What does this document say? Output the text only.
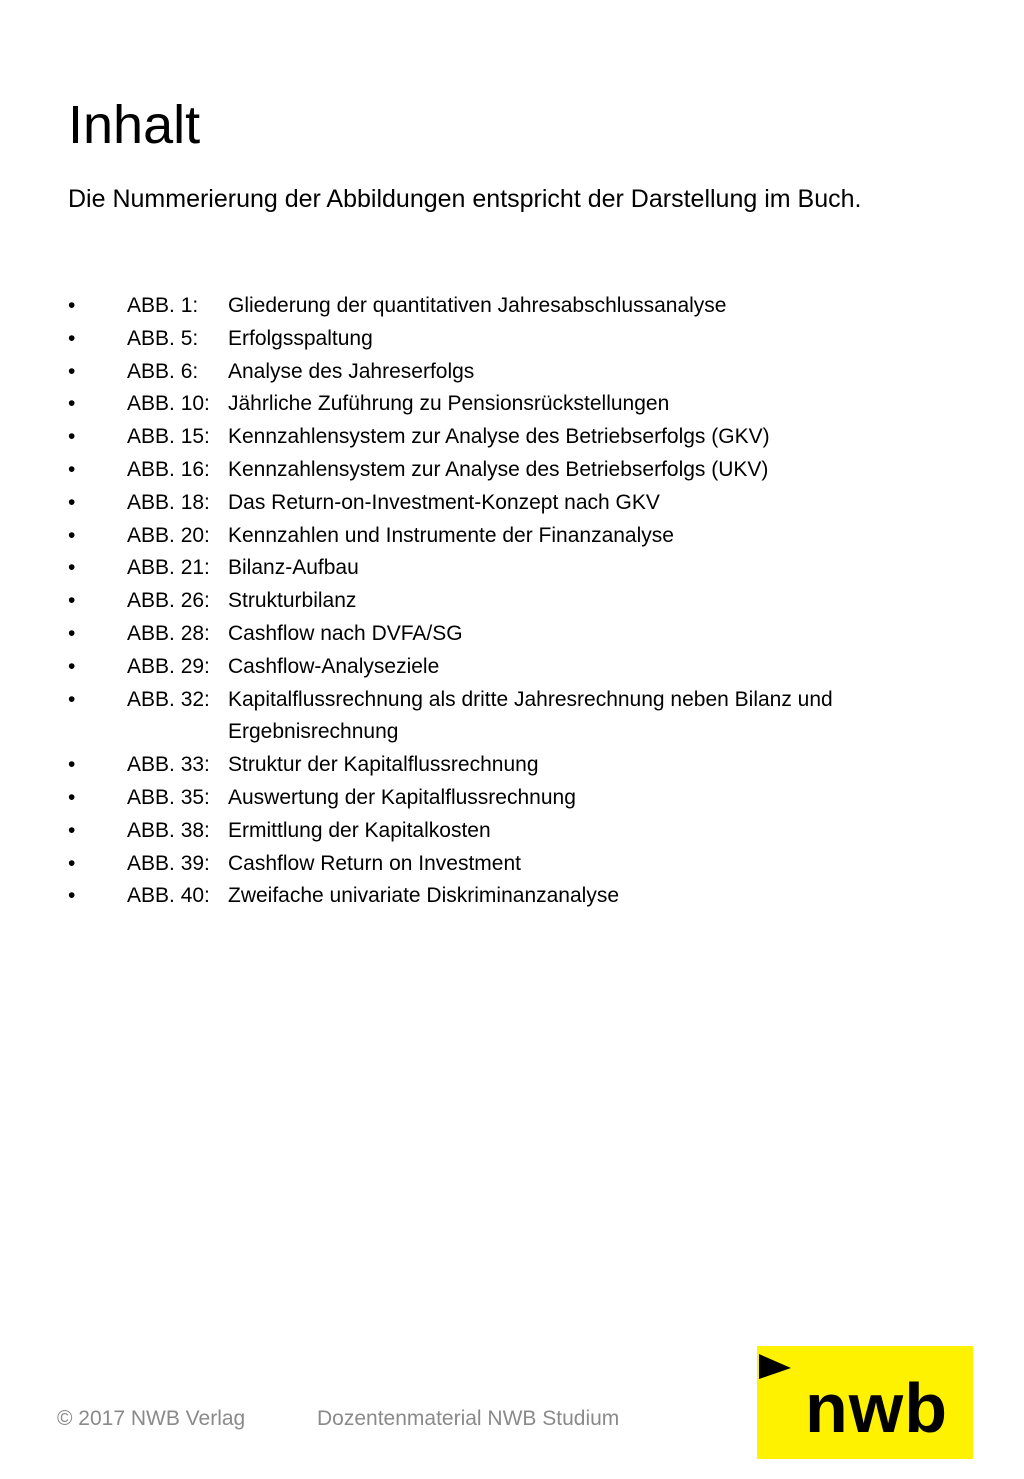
Inhalt

Die Nummerierung der Abbildungen entspricht der Darstellung im Buch.

• ABB. 1: Gliederung der quantitativen Jahresabschlussanalyse
• ABB. 5: Erfolgsspaltung
• ABB. 6: Analyse des Jahreserfolgs
• ABB. 10: Jährliche Zuführung zu Pensionsrückstellungen
• ABB. 15: Kennzahlensystem zur Analyse des Betriebserfolgs (GKV)
• ABB. 16: Kennzahlensystem zur Analyse des Betriebserfolgs (UKV)
• ABB. 18: Das Return-on-Investment-Konzept nach GKV
• ABB. 20: Kennzahlen und Instrumente der Finanzanalyse
• ABB. 21: Bilanz-Aufbau
• ABB. 26: Strukturbilanz
• ABB. 28: Cashflow nach DVFA/SG
• ABB. 29: Cashflow-Analyseziele
• ABB. 32: Kapitalflussrechnung als dritte Jahresrechnung neben Bilanz und Ergebnisrechnung
• ABB. 33: Struktur der Kapitalflussrechnung
• ABB. 35: Auswertung der Kapitalflussrechnung
• ABB. 38: Ermittlung der Kapitalkosten
• ABB. 39: Cashflow Return on Investment
• ABB. 40: Zweifache univariate Diskriminanzanalyse
© 2017 NWB Verlag	Dozentenmaterial NWB Studium	nwb
